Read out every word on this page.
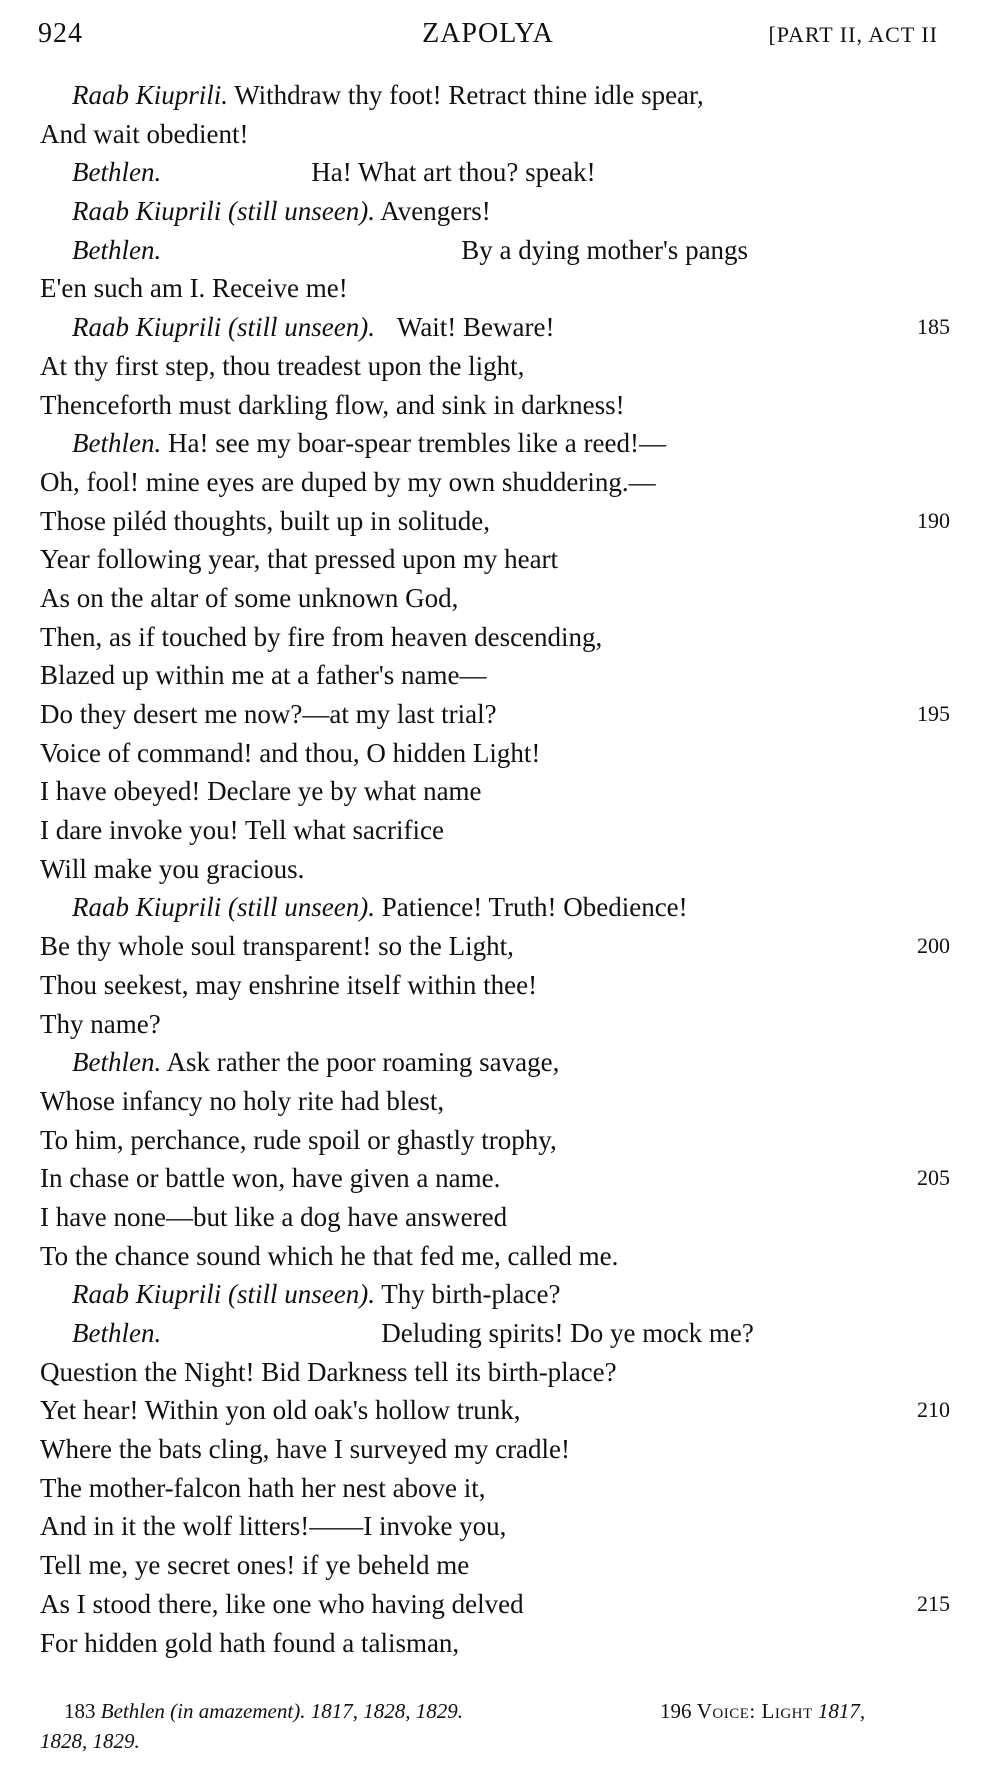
924	ZAPOLYA	[PART II, ACT II
Raab Kiuprili. Withdraw thy foot! Retract thine idle spear,
And wait obedient!
Bethlen.	Ha! What art thou? speak!
Raab Kiuprili (still unseen). Avengers!
Bethlen.	By a dying mother's pangs
E'en such am I. Receive me!
Raab Kiuprili (still unseen). Wait! Beware!	185
At thy first step, thou treadest upon the light,
Thenceforth must darkling flow, and sink in darkness!
Bethlen. Ha! see my boar-spear trembles like a reed!—
Oh, fool! mine eyes are duped by my own shuddering.—
Those piléd thoughts, built up in solitude,	190
Year following year, that pressed upon my heart
As on the altar of some unknown God,
Then, as if touched by fire from heaven descending,
Blazed up within me at a father's name—
Do they desert me now?—at my last trial?	195
Voice of command! and thou, O hidden Light!
I have obeyed! Declare ye by what name
I dare invoke you! Tell what sacrifice
Will make you gracious.
Raab Kiuprili (still unseen). Patience! Truth! Obedience!
Be thy whole soul transparent! so the Light,	200
Thou seekest, may enshrine itself within thee!
Thy name?
Bethlen. Ask rather the poor roaming savage,
Whose infancy no holy rite had blest,
To him, perchance, rude spoil or ghastly trophy,
In chase or battle won, have given a name.	205
I have none—but like a dog have answered
To the chance sound which he that fed me, called me.
Raab Kiuprili (still unseen). Thy birth-place?
Bethlen.	Deluding spirits! Do ye mock me?
Question the Night! Bid Darkness tell its birth-place?
Yet hear! Within yon old oak's hollow trunk,	210
Where the bats cling, have I surveyed my cradle!
The mother-falcon hath her nest above it,
And in it the wolf litters!——I invoke you,
Tell me, ye secret ones! if ye beheld me
As I stood there, like one who having delved	215
For hidden gold hath found a talisman,
183 Bethlen (in amazement). 1817, 1828, 1829.	196 Voice: Light 1817,
1828, 1829.
